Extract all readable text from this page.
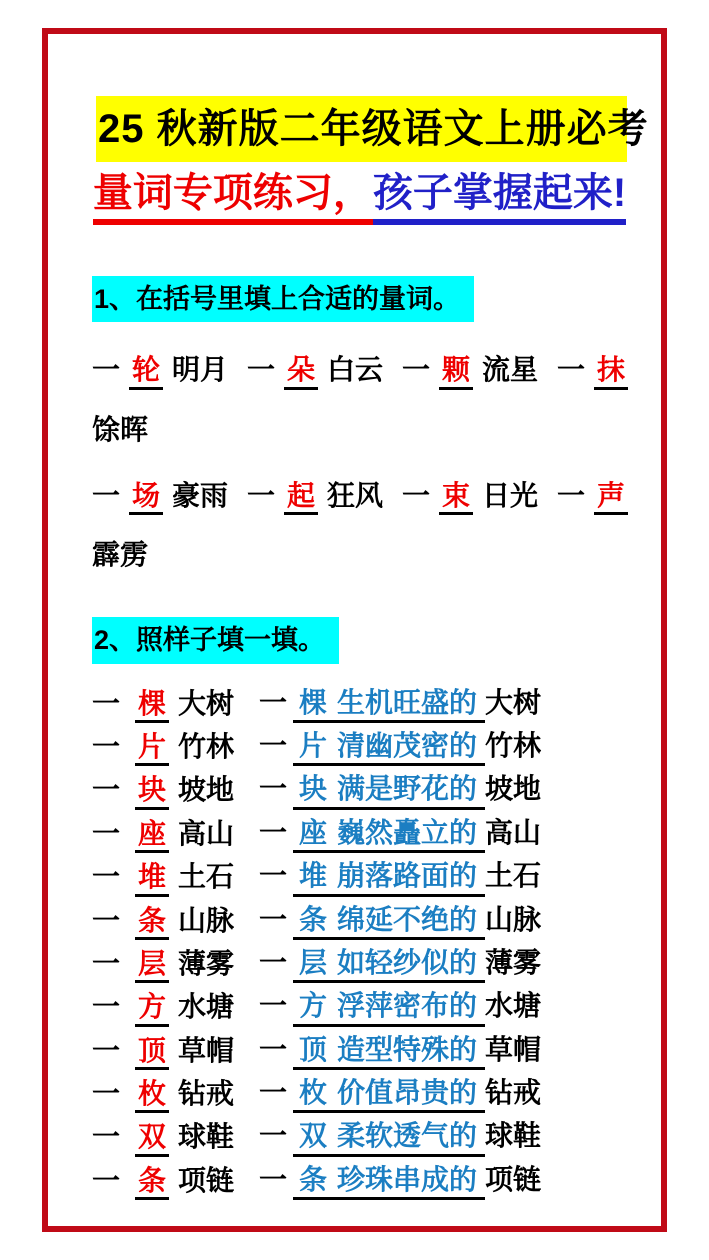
25 秋新版二年级语文上册必考
量词专项练习，孩子掌握起来!
1、在括号里填上合适的量词。
一 轮 明月 一 朵 白云 一 颗 流星 一 抹
馀晖
一 场 豪雨 一 起 狂风 一 束 日光 一 声
霹雳
2、照样子填一填。
一 棵 大树 一 棵 生机旺盛的 大树
一 片 竹林 一 片 清幽茂密的 竹林
一 块 坡地 一 块 满是野花的 坡地
一 座 高山 一 座 巍然矗立的 高山
一 堆 土石 一 堆 崩落路面的 土石
一 条 山脉 一 条 绵延不绝的 山脉
一 层 薄雾 一 层 如轻纱似的 薄雾
一 方 水塘 一 方 浮萍密布的 水塘
一 顶 草帽 一 顶 造型特殊的 草帽
一 枚 钻戒 一 枚 价值昂贵的 钻戒
一 双 球鞋 一 双 柔软透气的 球鞋
一 条 项链 一 条 珍珠串成的 项链
